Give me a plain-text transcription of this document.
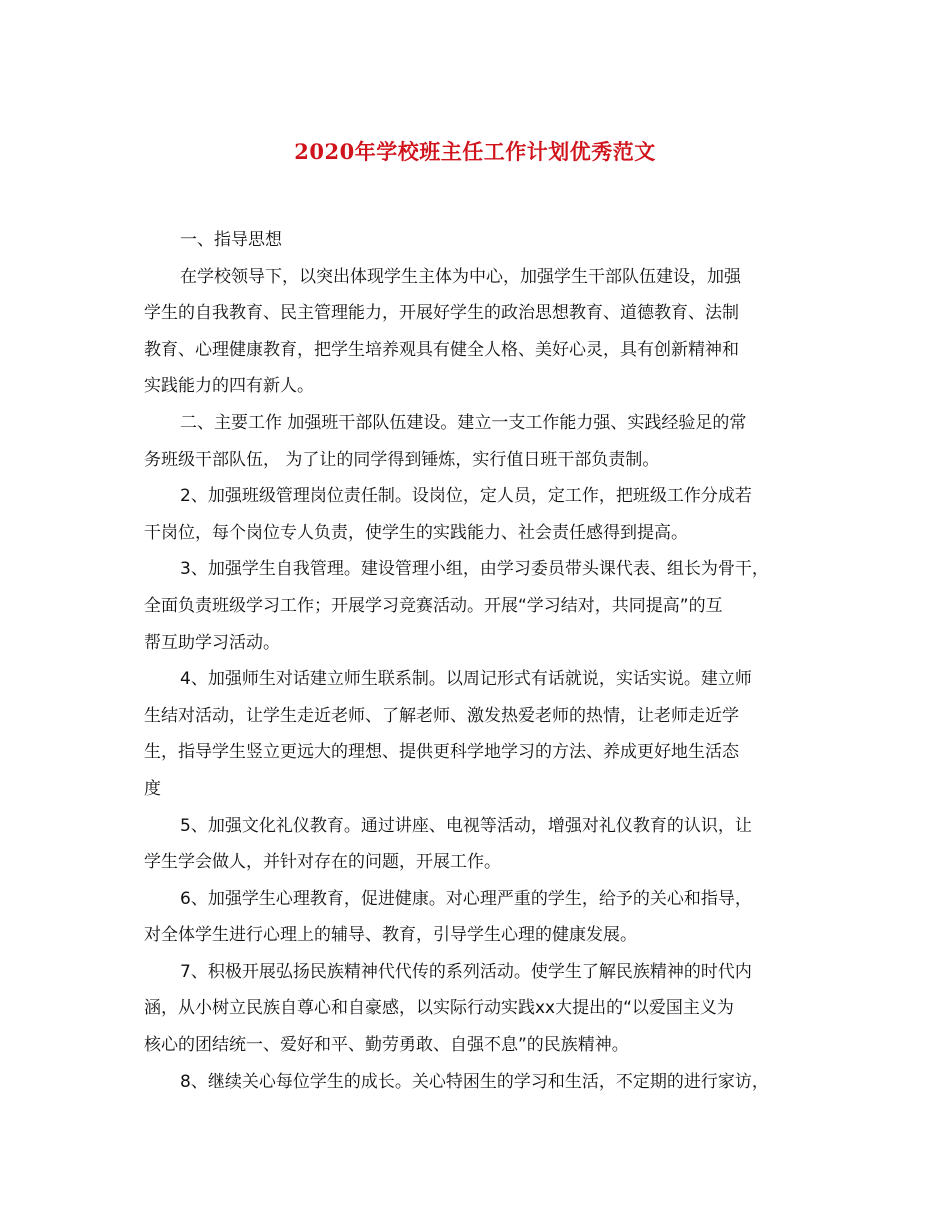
2020年学校班主任工作计划优秀范文
一、指导思想
在学校领导下，以突出体现学生主体为中心，加强学生干部队伍建设，加强
学生的自我教育、民主管理能力，开展好学生的政治思想教育、道德教育、法制
教育、心理健康教育，把学生培养观具有健全人格、美好心灵，具有创新精神和
实践能力的四有新人。
二、主要工作 加强班干部队伍建设。建立一支工作能力强、实践经验足的常
务班级干部队伍， 为了让的同学得到锤炼，实行值日班干部负责制。
2、加强班级管理岗位责任制。设岗位，定人员，定工作，把班级工作分成若
干岗位，每个岗位专人负责，使学生的实践能力、社会责任感得到提高。
3、加强学生自我管理。建设管理小组，由学习委员带头课代表、组长为骨干，
全面负责班级学习工作；开展学习竞赛活动。开展“学习结对，共同提高”的互
帮互助学习活动。
4、加强师生对话建立师生联系制。以周记形式有话就说，实话实说。建立师
生结对活动，让学生走近老师、了解老师、激发热爱老师的热情，让老师走近学
生，指导学生竖立更远大的理想、提供更科学地学习的方法、养成更好地生活态
度
5、加强文化礼仪教育。通过讲座、电视等活动，增强对礼仪教育的认识，让
学生学会做人，并针对存在的问题，开展工作。
6、加强学生心理教育，促进健康。对心理严重的学生，给予的关心和指导，
对全体学生进行心理上的辅导、教育，引导学生心理的健康发展。
7、积极开展弘扬民族精神代代传的系列活动。使学生了解民族精神的时代内
涵，从小树立民族自尊心和自豪感，以实际行动实践xx大提出的“以爱国主义为
核心的团结统一、爱好和平、勤劳勇敢、自强不息”的民族精神。
8、继续关心每位学生的成长。关心特困生的学习和生活，不定期的进行家访，
